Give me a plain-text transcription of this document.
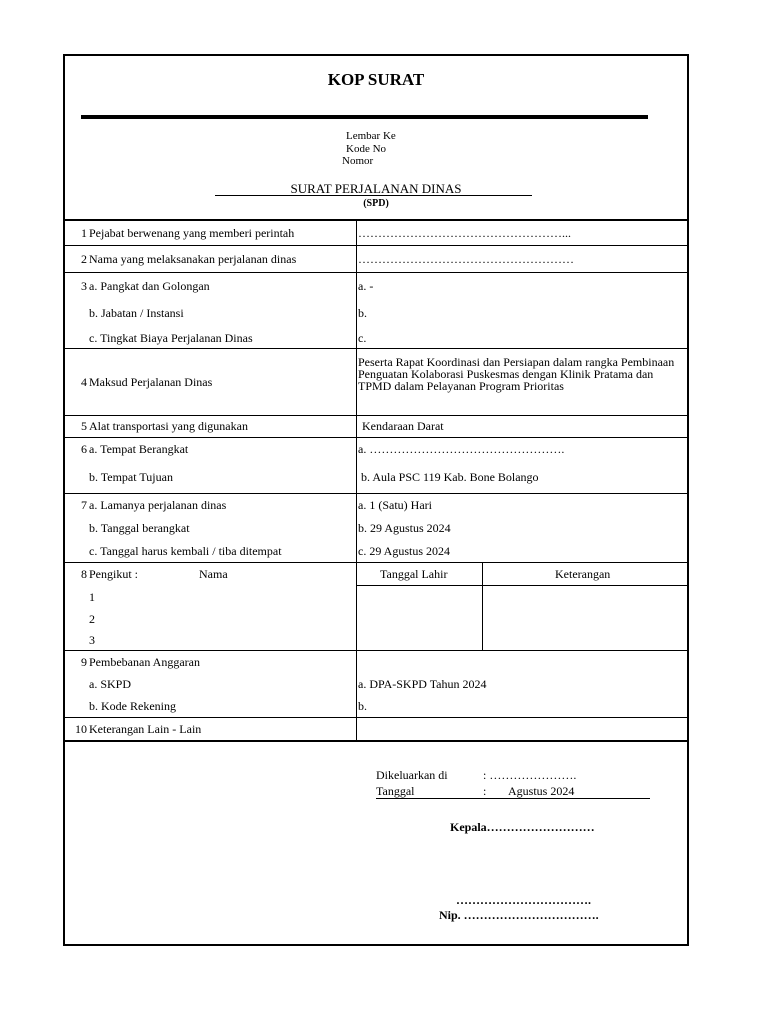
KOP SURAT
Lembar Ke
Kode No
Nomor
SURAT PERJALANAN DINAS
(SPD)
1 Pejabat berwenang yang memberi perintah	……………………………………………...
2 Nama yang melaksanakan perjalanan dinas	………………………………………………
3 a. Pangkat dan Golongan	a. -
b. Jabatan / Instansi	b.
c. Tingkat Biaya Perjalanan Dinas	c.
4 Maksud Perjalanan Dinas
Peserta Rapat Koordinasi dan Persiapan dalam rangka Pembinaan Penguatan Kolaborasi Puskesmas dengan Klinik Pratama dan TPMD dalam Pelayanan Program Prioritas
5 Alat transportasi yang digunakan	Kendaraan Darat
6 a. Tempat Berangkat	a. ………………………………………….
b. Tempat Tujuan	b. Aula PSC 119 Kab. Bone Bolango
7 a. Lamanya perjalanan dinas	a. 1 (Satu) Hari
b. Tanggal berangkat	b. 29 Agustus 2024
c. Tanggal harus kembali / tiba ditempat	c. 29 Agustus 2024
8 Pengikut :	Nama	Tanggal Lahir	Keterangan
1
2
3
9 Pembebanan Anggaran
a. SKPD	a. DPA-SKPD Tahun 2024
b. Kode Rekening	b.
10 Keterangan Lain - Lain
Dikeluarkan di	: ………………….
Tanggal	: Agustus 2024
Kepala………………………
…………………………….
Nip. …………………………….
